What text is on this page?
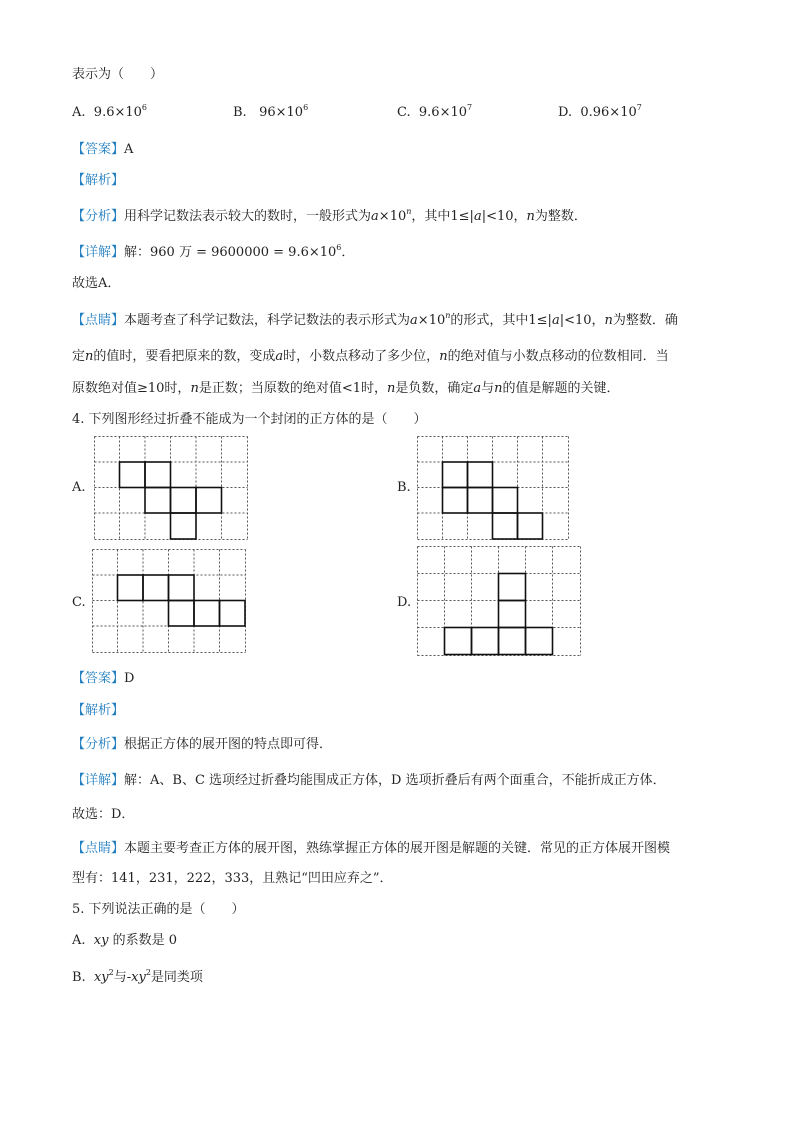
表示为（　　）
A. $9.6\times 10^6$	B. $96\times 10^6$	C. $9.6\times 10^7$	D. $0.96\times 10^7$
【答案】A
【解析】
【分析】用科学记数法表示较大的数时，一般形式为$a\times 10^n$，其中1≤|a|<10，n为整数．
【详解】解：960 万 = $9600000 = 9.6\times 10^6$．
故选A．
【点睛】本题考查了科学记数法，科学记数法的表示形式为$a\times 10^n$的形式，其中1≤|a|<10，n为整数．确
定n的值时，要看把原来的数，变成a时，小数点移动了多少位，n的绝对值与小数点移动的位数相同．当
原数绝对值≥10时，n是正数；当原数的绝对值<1时，n是负数，确定a与n的值是解题的关键．
4. 下列图形经过折叠不能成为一个封闭的正方体的是（　　）
A.	B.
C.	D.
【答案】D
【解析】
【分析】根据正方体的展开图的特点即可得．
【详解】解：A、B、C 选项经过折叠均能围成正方体，D 选项折叠后有两个面重合，不能折成正方体．
故选：D．
【点睛】本题主要考查正方体的展开图，熟练掌握正方体的展开图是解题的关键．常见的正方体展开图模
型有：141，231，222，333，且熟记“凹田应弃之”．
5. 下列说法正确的是（　　）
A. xy 的系数是 0
B. $xy^2$与$-xy^2$是同类项
